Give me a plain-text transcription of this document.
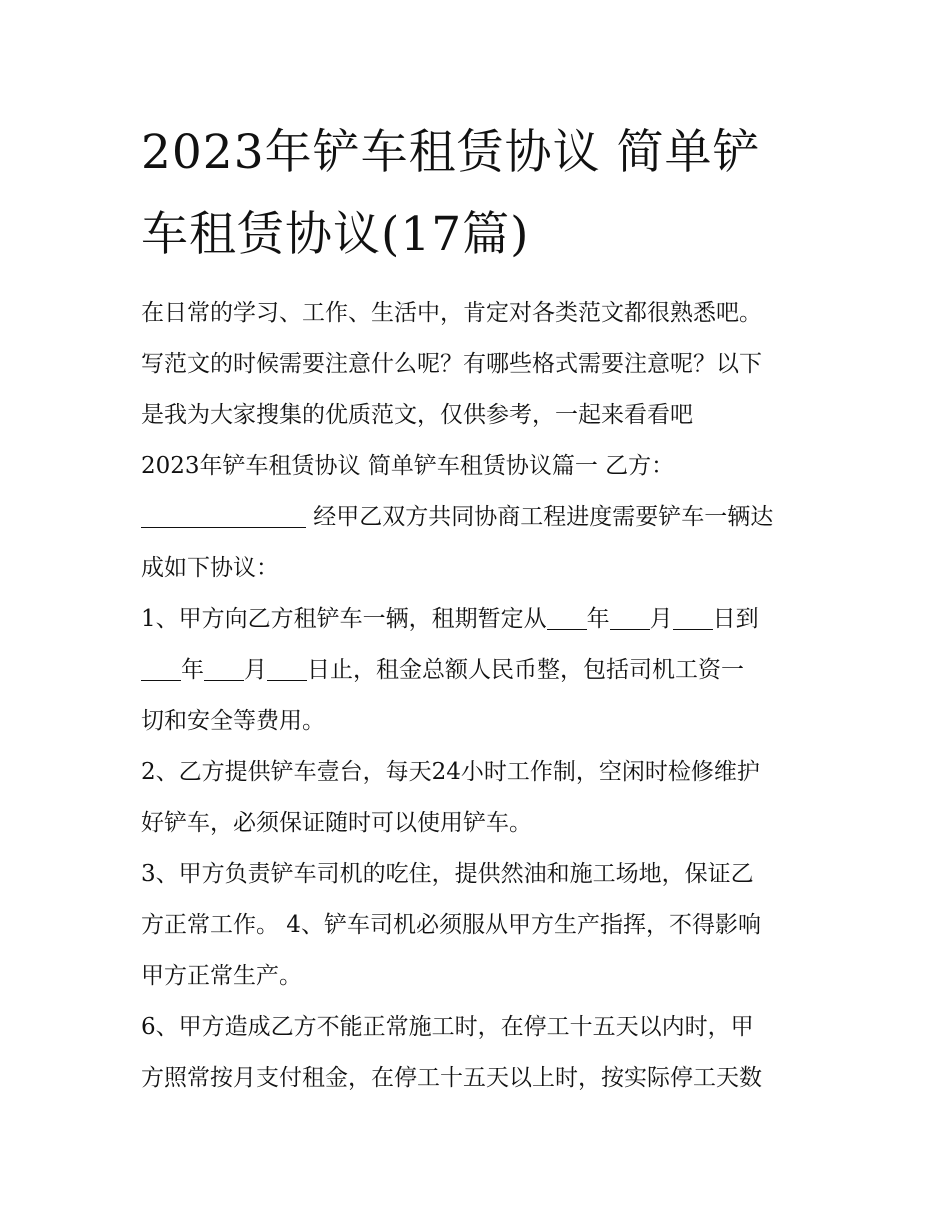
2023年铲车租赁协议 简单铲
车租赁协议(17篇)
在日常的学习、工作、生活中，肯定对各类范文都很熟悉吧。
写范文的时候需要注意什么呢？有哪些格式需要注意呢？以下
是我为大家搜集的优质范文，仅供参考，一起来看看吧
2023年铲车租赁协议 简单铲车租赁协议篇一 乙方：
经甲乙双方共同协商工程进度需要铲车一辆达
成如下协议：
1、甲方向乙方租铲车一辆，租期暂定从 年 月 日到
年 月 日止，租金总额人民币整，包括司机工资一
切和安全等费用。
2、乙方提供铲车壹台，每天24小时工作制，空闲时检修维护
好铲车，必须保证随时可以使用铲车。
3、甲方负责铲车司机的吃住，提供然油和施工场地，保证乙
方正常工作。 4、铲车司机必须服从甲方生产指挥，不得影响
甲方正常生产。
6、甲方造成乙方不能正常施工时，在停工十五天以内时，甲
方照常按月支付租金，在停工十五天以上时，按实际停工天数
